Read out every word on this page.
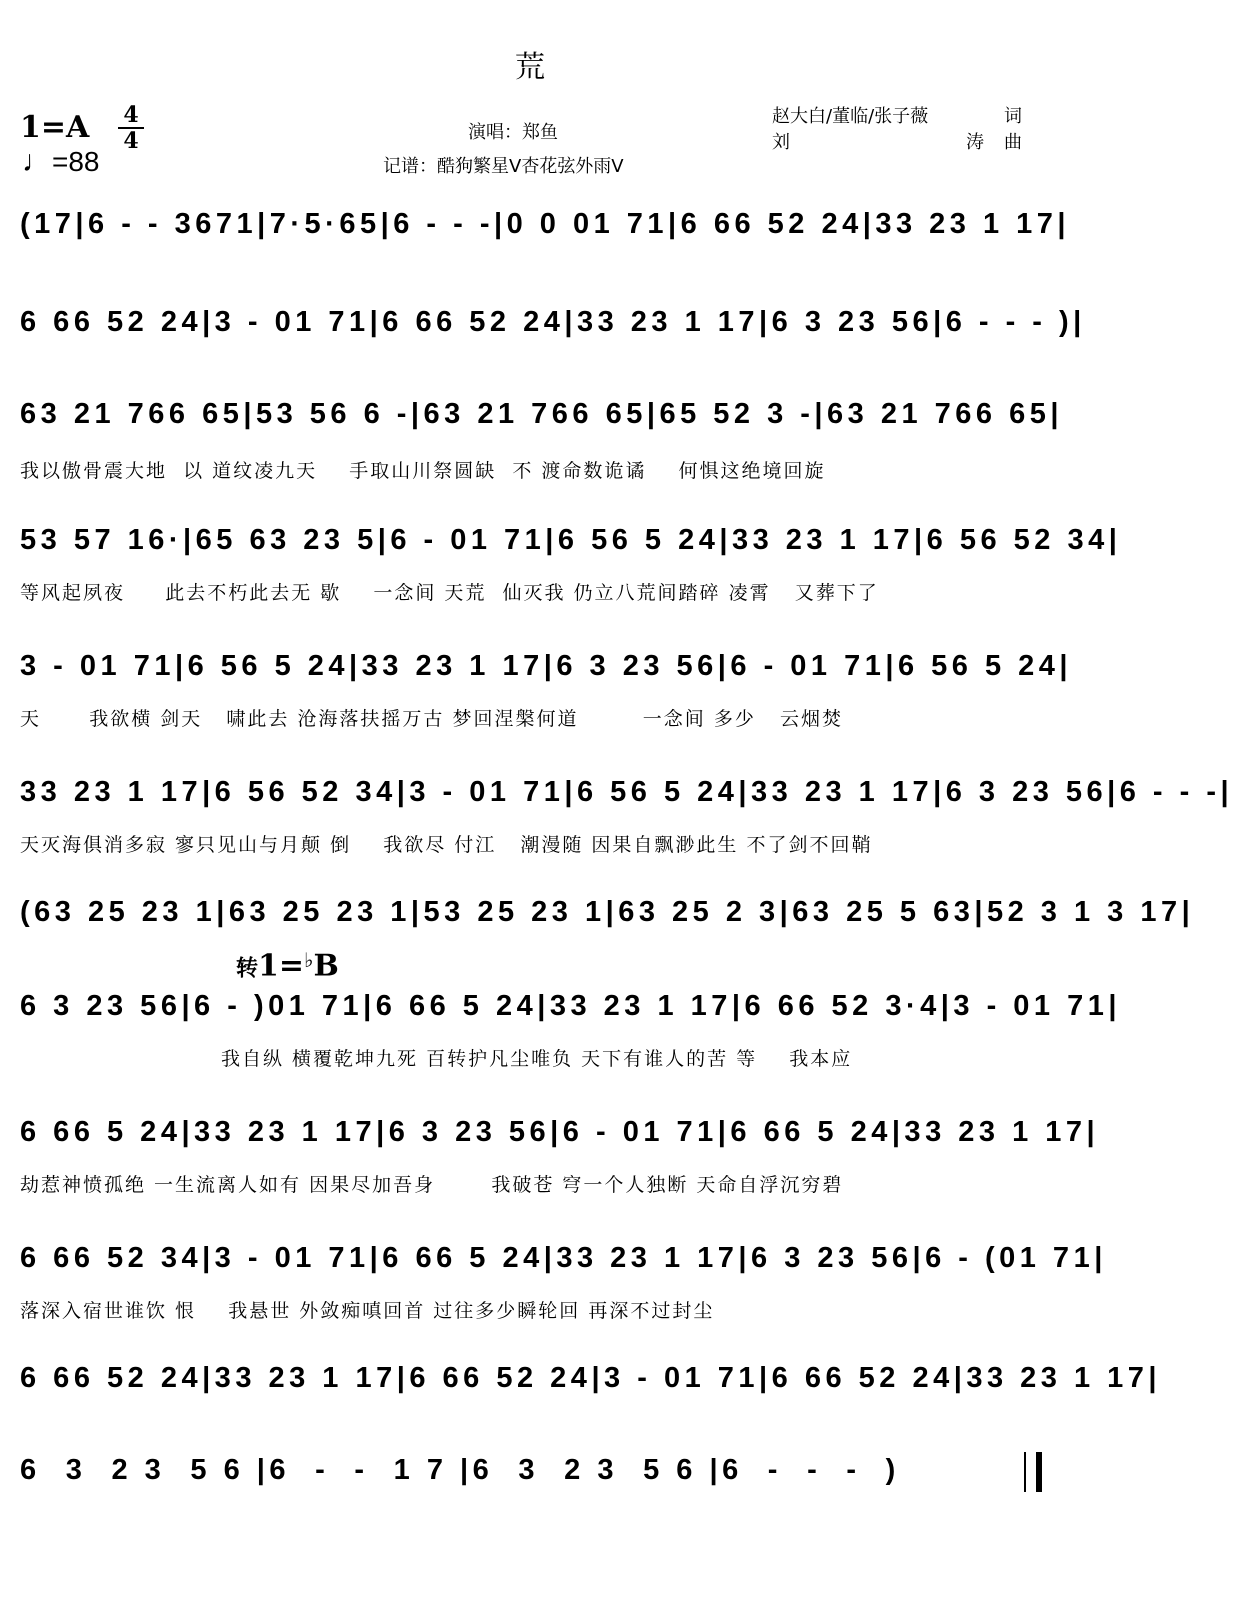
荒
1=A 4
4
♩=88
演唱：郑鱼
记谱：酷狗繁星V杏花弦外雨V
赵大白/董临/张子薇	词
刘	涛 曲
(17|6 - - 3671|7·5·65|6 - - -|0 0 01 71|6 66 52 24|33 23 1 17|
6 66 52 24|3 - 01 71|6 66 52 24|33 23 1 17|6 3 23 56|6 - - - )|
63 21 766 65|53 56 6 -|63 21 766 65|65 52 3 -|63 21 766 65|
我以傲骨震大地  以 道纹凌九天    手取山川祭圆缺  不 渡命数诡谲    何惧这绝境回旋
53 57 16·|65 63 23 5|6 - 01 71|6 56 5 24|33 23 1 17|6 56 52 34|
等风起夙夜     此去不朽此去无 歇    一念间 天荒  仙灭我 仍立八荒间踏碎 凌霄   又葬下了
3 - 01 71|6 56 5 24|33 23 1 17|6 3 23 56|6 - 01 71|6 56 5 24|
天      我欲横 剑天   啸此去 沧海落扶摇万古 梦回涅槃何道        一念间 多少   云烟焚
33 23 1 17|6 56 52 34|3 - 01 71|6 56 5 24|33 23 1 17|6 3 23 56|6 - - -|
天灭海俱消多寂 寥只见山与月颠 倒    我欲尽 付江   潮漫随 因果自飘渺此生 不了剑不回鞘
(63 25 23 1|63 25 23 1|53 25 23 1|63 25 2 3|63 25 5 63|52 3 1 3 17|
转1=♭B
6 3 23 56|6 - )01 71|6 66 5 24|33 23 1 17|6 66 52 3·4|3 - 01 71|
我自纵 横覆乾坤九死 百转护凡尘唯负 天下有谁人的苦 等    我本应
6 66 5 24|33 23 1 17|6 3 23 56|6 - 01 71|6 66 5 24|33 23 1 17|
劫惹神愤孤绝 一生流离人如有 因果尽加吾身       我破苍 穹一个人独断 天命自浮沉穷碧
6 66 52 34|3 - 01 71|6 66 5 24|33 23 1 17|6 3 23 56|6 - (01 71|
落深入宿世谁饮 恨    我悬世 外敛痴嗔回首 过往多少瞬轮回 再深不过封尘
6 66 52 24|33 23 1 17|6 66 52 24|3 - 01 71|6 66 52 24|33 23 1 17|
6  3  2 3  5 6 |6  -  -  1 7 |6  3  2 3  5 6 |6  -  -  -  )
